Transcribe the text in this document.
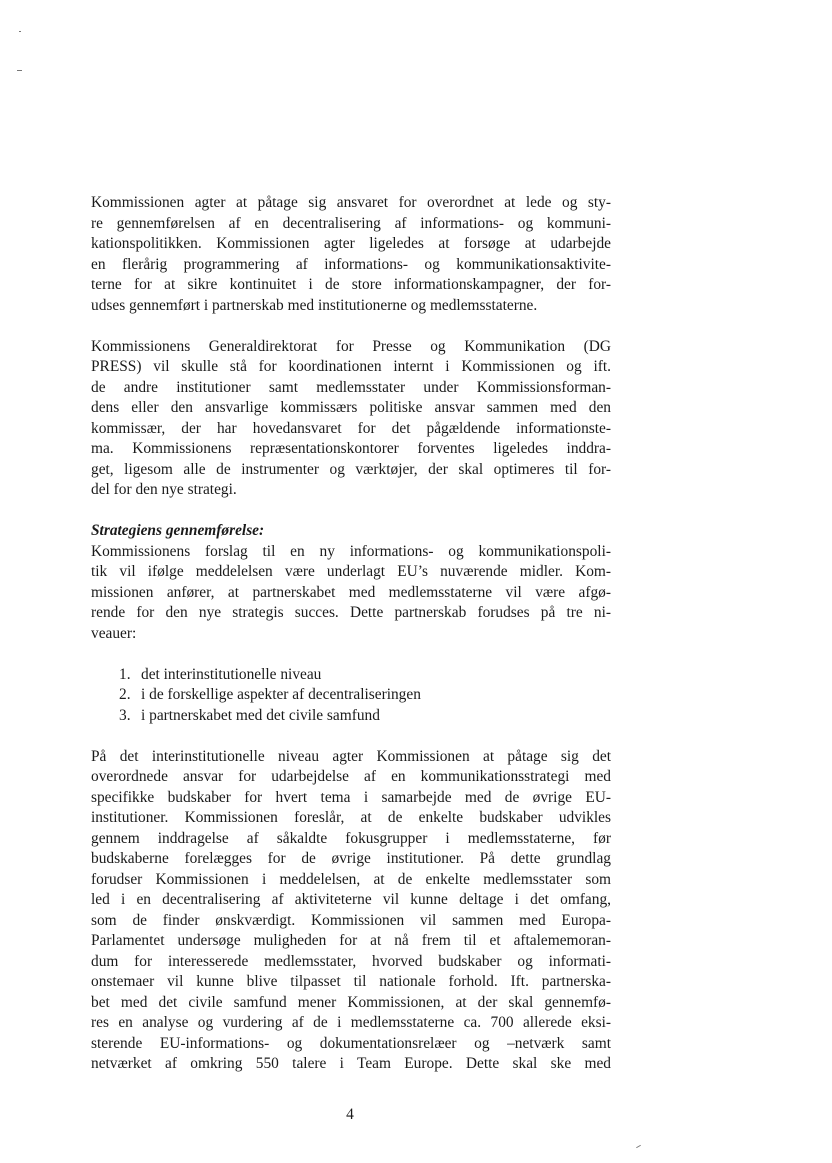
Kommissionen agter at påtage sig ansvaret for overordnet at lede og sty-
re gennemførelsen af en decentralisering af informations- og kommuni-
kationspolitikken. Kommissionen agter ligeledes at forsøge at udarbejde
en flerårig programmering af informations- og kommunikationsaktivite-
terne for at sikre kontinuitet i de store informationskampagner, der for-
udses gennemført i partnerskab med institutionerne og medlemsstaterne.

Kommissionens Generaldirektorat for Presse og Kommunikation (DG
PRESS) vil skulle stå for koordinationen internt i Kommissionen og ift.
de andre institutioner samt medlemsstater under Kommissionsforman-
dens eller den ansvarlige kommissærs politiske ansvar sammen med den
kommissær, der har hovedansvaret for det pågældende informationste-
ma. Kommissionens repræsentationskontorer forventes ligeledes inddra-
get, ligesom alle de instrumenter og værktøjer, der skal optimeres til for-
del for den nye strategi.

Strategiens gennemførelse:

Kommissionens forslag til en ny informations- og kommunikationspoli-
tik vil ifølge meddelelsen være underlagt EU’s nuværende midler. Kom-
missionen anfører, at partnerskabet med medlemsstaterne vil være afgø-
rende for den nye strategis succes. Dette partnerskab forudses på tre ni-
veauer:

1. det interinstitutionelle niveau
2. i de forskellige aspekter af decentraliseringen
3. i partnerskabet med det civile samfund

På det interinstitutionelle niveau agter Kommissionen at påtage sig det
overordnede ansvar for udarbejdelse af en kommunikationsstrategi med
specifikke budskaber for hvert tema i samarbejde med de øvrige EU-
institutioner. Kommissionen foreslår, at de enkelte budskaber udvikles
gennem inddragelse af såkaldte fokusgrupper i medlemsstaterne, før
budskaberne forelægges for de øvrige institutioner. På dette grundlag
forudser Kommissionen i meddelelsen, at de enkelte medlemsstater som
led i en decentralisering af aktiviteterne vil kunne deltage i det omfang,
som de finder ønskværdigt. Kommissionen vil sammen med Europa-
Parlamentet undersøge muligheden for at nå frem til et aftalememoran-
dum for interesserede medlemsstater, hvorved budskaber og informati-
onstemaer vil kunne blive tilpasset til nationale forhold. Ift. partnerska-
bet med det civile samfund mener Kommissionen, at der skal gennemfø-
res en analyse og vurdering af de i medlemsstaterne ca. 700 allerede eksi-
sterende EU-informations- og dokumentationsrelæer og –netværk samt
netværket af omkring 550 talere i Team Europe. Dette skal ske med

4
